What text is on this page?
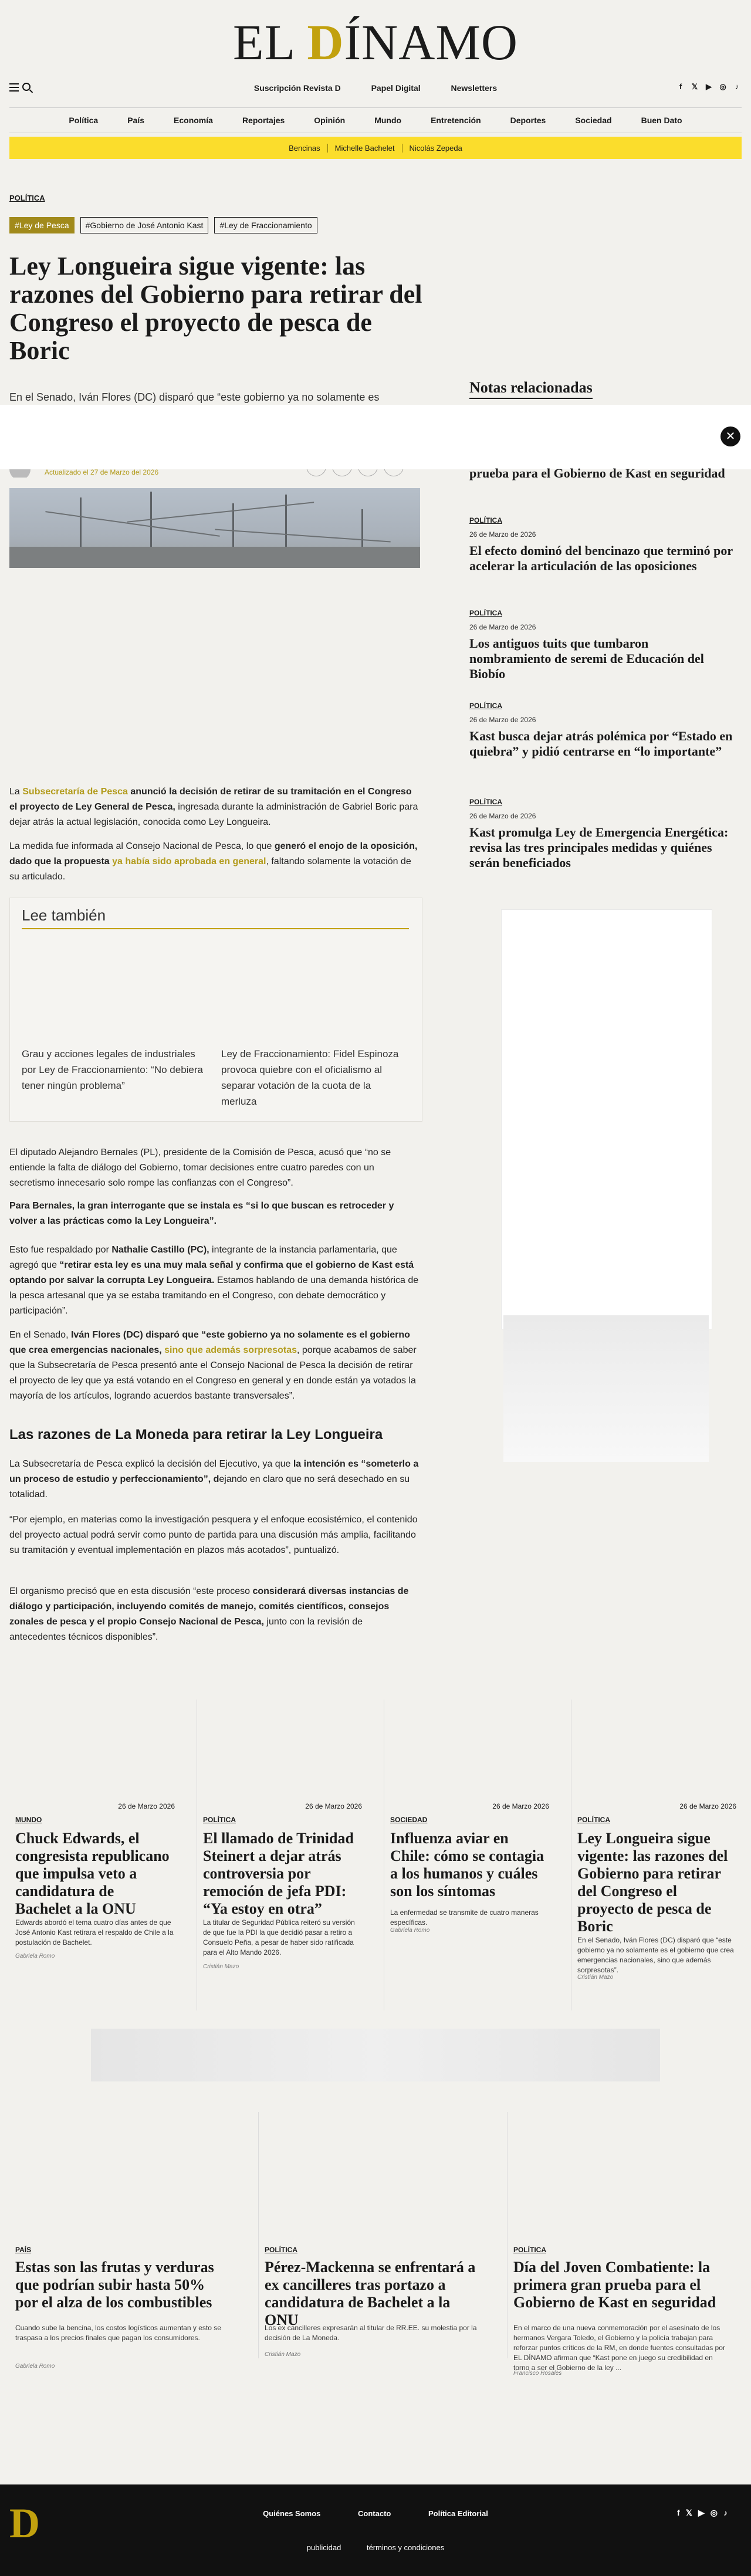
EL DÍNAMO
Suscripción Revista D	Papel Digital	Newsletters	f	𝕏 ▶ ◎	♪
Política	País	Economía	Reportajes	Opinión	Mundo	Entretención	Deportes	Sociedad	Buen Dato
Bencinas	Michelle Bachelet	Nicolás Zepeda
POLÍTICA
#Ley de Pesca	#Gobierno de José Antonio Kast	#Ley de Fraccionamiento
Ley Longueira sigue vigente: las razones del Gobierno para retirar del Congreso el proyecto de pesca de Boric

En el Senado, Iván Flores (DC) disparó que “este gobierno ya no solamente es

Notas relacionadas
Actualizado el 27 de Marzo del 2026
✕

La Subsecretaría de Pesca anunció la decisión de retirar de su tramitación en el Congreso el proyecto de Ley General de Pesca, ingresada durante la administración de Gabriel Boric para dejar atrás la actual legislación, conocida como Ley Longueira.

La medida fue informada al Consejo Nacional de Pesca, lo que generó el enojo de la oposición, dado que la propuesta ya había sido aprobada en general, faltando solamente la votación de su articulado.

Lee también
Grau y acciones legales de industriales por Ley de Fraccionamiento: “No debiera tener ningún problema”
Ley de Fraccionamiento: Fidel Espinoza provoca quiebre con el oficialismo al separar votación de la cuota de la merluza

El diputado Alejandro Bernales (PL), presidente de la Comisión de Pesca, acusó que “no se entiende la falta de diálogo del Gobierno, tomar decisiones entre cuatro paredes con un secretismo innecesario solo rompe las confianzas con el Congreso”.

Para Bernales, la gran interrogante que se instala es “si lo que buscan es retroceder y volver a las prácticas como la Ley Longueira”.

Esto fue respaldado por Nathalie Castillo (PC), integrante de la instancia parlamentaria, que agregó que “retirar esta ley es una muy mala señal y confirma que el gobierno de Kast está optando por salvar la corrupta Ley Longueira. Estamos hablando de una demanda histórica de la pesca artesanal que ya se estaba tramitando en el Congreso, con debate democrático y participación”.

En el Senado, Iván Flores (DC) disparó que “este gobierno ya no solamente es el gobierno que crea emergencias nacionales, sino que además sorpresotas, porque acabamos de saber que la Subsecretaría de Pesca presentó ante el Consejo Nacional de Pesca la decisión de retirar el proyecto de ley que ya está votando en el Congreso en general y en donde están ya votados la mayoría de los artículos, logrando acuerdos bastante transversales”.

Las razones de La Moneda para retirar la Ley Longueira

La Subsecretaría de Pesca explicó la decisión del Ejecutivo, ya que la intención es “someterlo a un proceso de estudio y perfeccionamiento”, dejando en claro que no será desechado en su totalidad.

“Por ejemplo, en materias como la investigación pesquera y el enfoque ecosistémico, el contenido del proyecto actual podrá servir como punto de partida para una discusión más amplia, facilitando su tramitación y eventual implementación en plazos más acotados”, puntualizó.

El organismo precisó que en esta discusión “este proceso considerará diversas instancias de diálogo y participación, incluyendo comités de manejo, comités científicos, consejos zonales de pesca y el propio Consejo Nacional de Pesca, junto con la revisión de antecedentes técnicos disponibles”.

prueba para el Gobierno de Kast en seguridad
POLÍTICA
26 de Marzo de 2026
El efecto dominó del bencinazo que terminó por acelerar la articulación de las oposiciones
POLÍTICA
26 de Marzo de 2026
Los antiguos tuits que tumbaron nombramiento de seremi de Educación del Biobío
POLÍTICA
26 de Marzo de 2026
Kast busca dejar atrás polémica por “Estado en quiebra” y pidió centrarse en “lo importante”
POLÍTICA
26 de Marzo de 2026
Kast promulga Ley de Emergencia Energética: revisa las tres principales medidas y quiénes serán beneficiados
26 de Marzo 2026
MUNDO
Chuck Edwards, el congresista republicano que impulsa veto a candidatura de Bachelet a la ONU
Edwards abordó el tema cuatro días antes de que José Antonio Kast retirara el respaldo de Chile a la postulación de Bachelet.
Gabriela Romo
26 de Marzo 2026
POLÍTICA
El llamado de Trinidad Steinert a dejar atrás controversia por remoción de jefa PDI: “Ya estoy en otra”
La titular de Seguridad Pública reiteró su versión de que fue la PDI la que decidió pasar a retiro a Consuelo Peña, a pesar de haber sido ratificada para el Alto Mando 2026.
Cristián Mazo
26 de Marzo 2026
SOCIEDAD
Influenza aviar en Chile: cómo se contagia a los humanos y cuáles son los síntomas
La enfermedad se transmite de cuatro maneras específicas.
Gabriela Romo
26 de Marzo 2026
POLÍTICA
Ley Longueira sigue vigente: las razones del Gobierno para retirar del Congreso el proyecto de pesca de Boric
En el Senado, Iván Flores (DC) disparó que “este gobierno ya no solamente es el gobierno que crea emergencias nacionales, sino que además sorpresotas”.
Cristián Mazo
PAÍS
Estas son las frutas y verduras que podrían subir hasta 50% por el alza de los combustibles
Cuando sube la bencina, los costos logísticos aumentan y esto se traspasa a los precios finales que pagan los consumidores.
Gabriela Romo
POLÍTICA
Pérez-Mackenna se enfrentará a ex cancilleres tras portazo a candidatura de Bachelet a la ONU
Los ex cancilleres expresarán al titular de RR.EE. su molestia por la decisión de La Moneda.
Cristián Mazo
POLÍTICA
Día del Joven Combatiente: la primera gran prueba para el Gobierno de Kast en seguridad
En el marco de una nueva conmemoración por el asesinato de los hermanos Vergara Toledo, el Gobierno y la policía trabajan para reforzar puntos críticos de la RM, en donde fuentes consultadas por EL DÍNAMO afirman que “Kast pone en juego su credibilidad en torno a ser el Gobierno de la ley ...
Francisco Rosales
D	Quiénes Somos	Contacto	Política Editorial
publicidad	términos y condiciones
f 𝕏 ▶ ◎ ♪
